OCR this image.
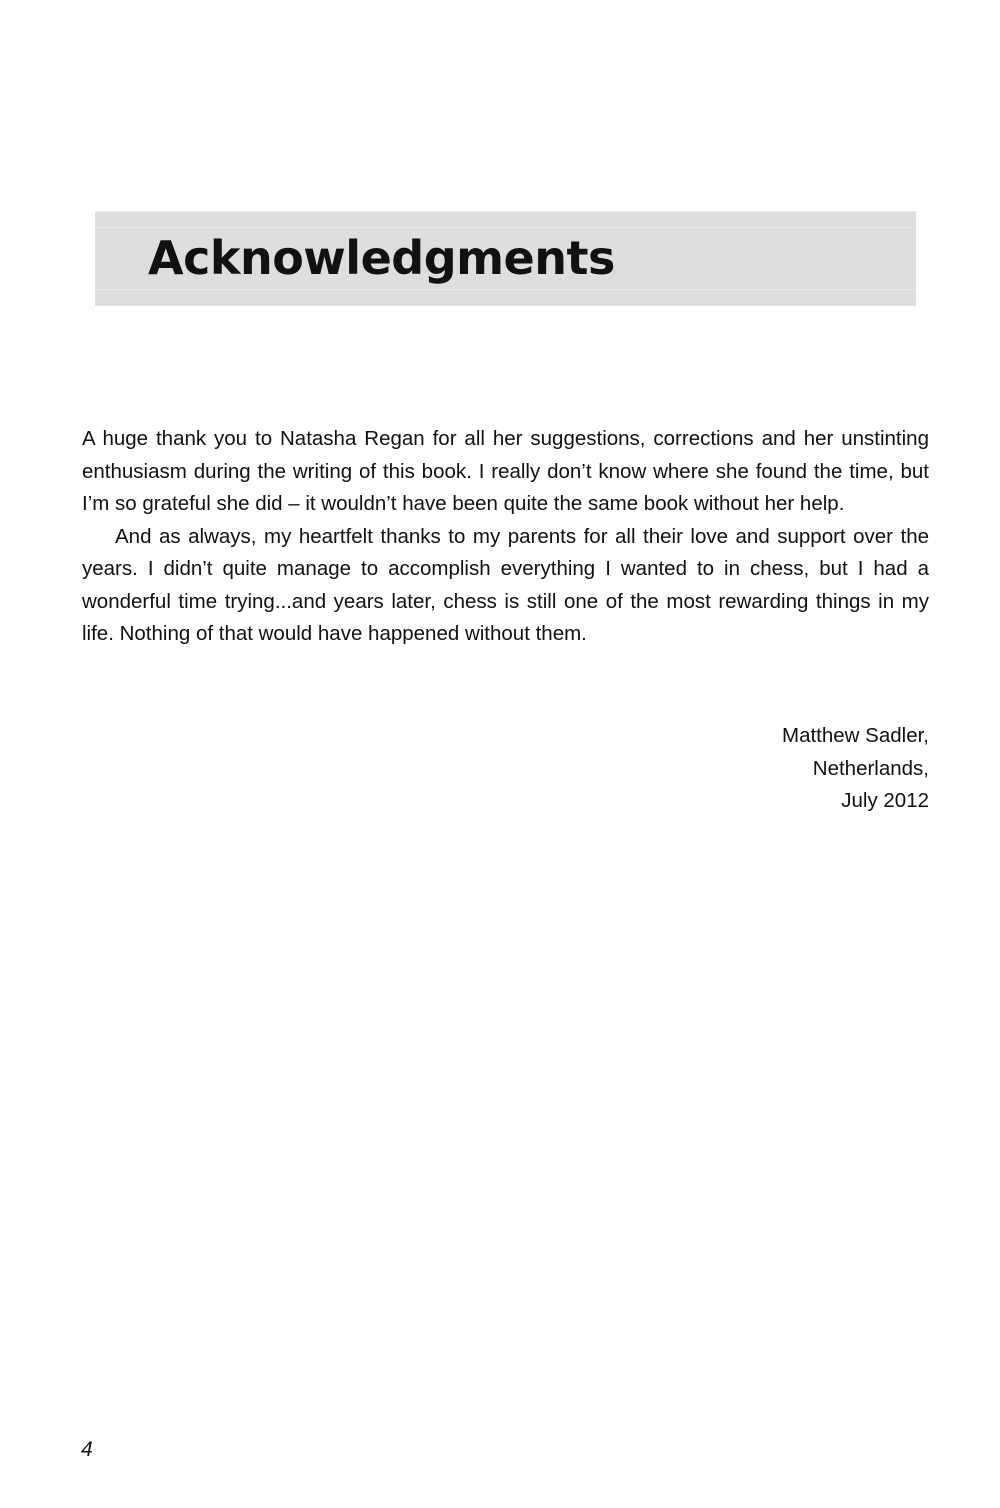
Acknowledgments

A huge thank you to Natasha Regan for all her suggestions, corrections and her unstinting enthusiasm during the writing of this book. I really don’t know where she found the time, but I’m so grateful she did – it wouldn’t have been quite the same book without her help.

And as always, my heartfelt thanks to my parents for all their love and support over the years. I didn’t quite manage to accomplish everything I wanted to in chess, but I had a wonderful time trying...and years later, chess is still one of the most rewarding things in my life. Nothing of that would have happened without them.

Matthew Sadler,
Netherlands,
July 2012
4
